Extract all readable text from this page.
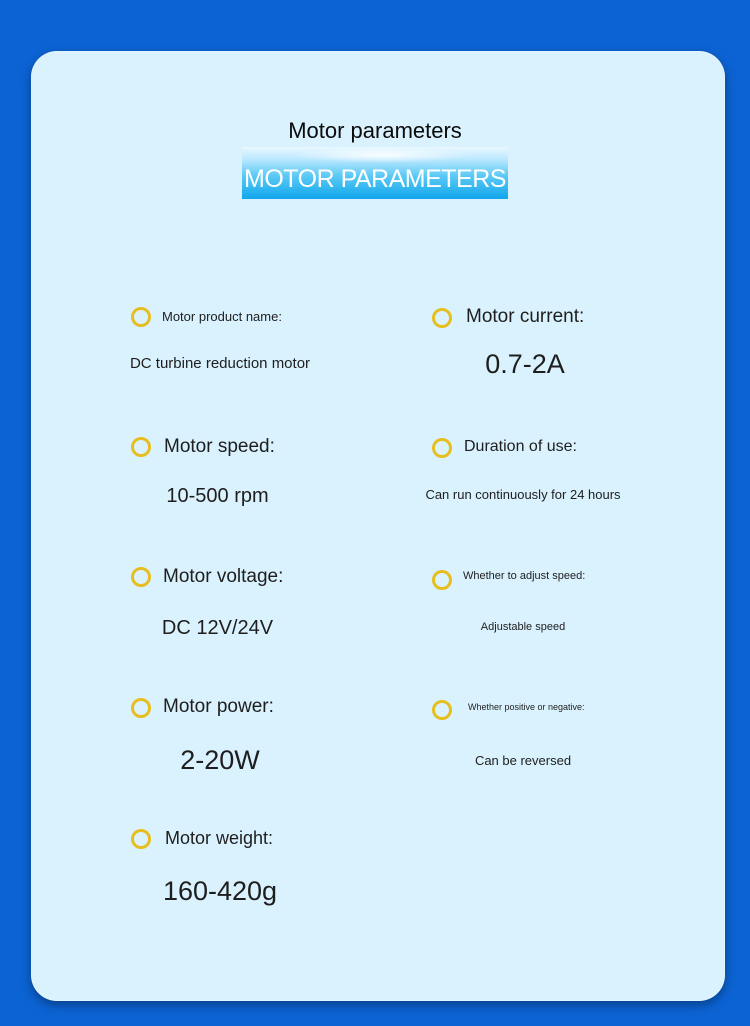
Motor parameters
MOTOR PARAMETERS
Motor product name:
DC turbine reduction motor
Motor speed:
10-500 rpm
Motor voltage:
DC 12V/24V
Motor power:
2-20W
Motor weight:
160-420g
Motor current:
0.7-2A
Duration of use:
Can run continuously for 24 hours
Whether to adjust speed:
Adjustable speed
Whether positive or negative:
Can be reversed
